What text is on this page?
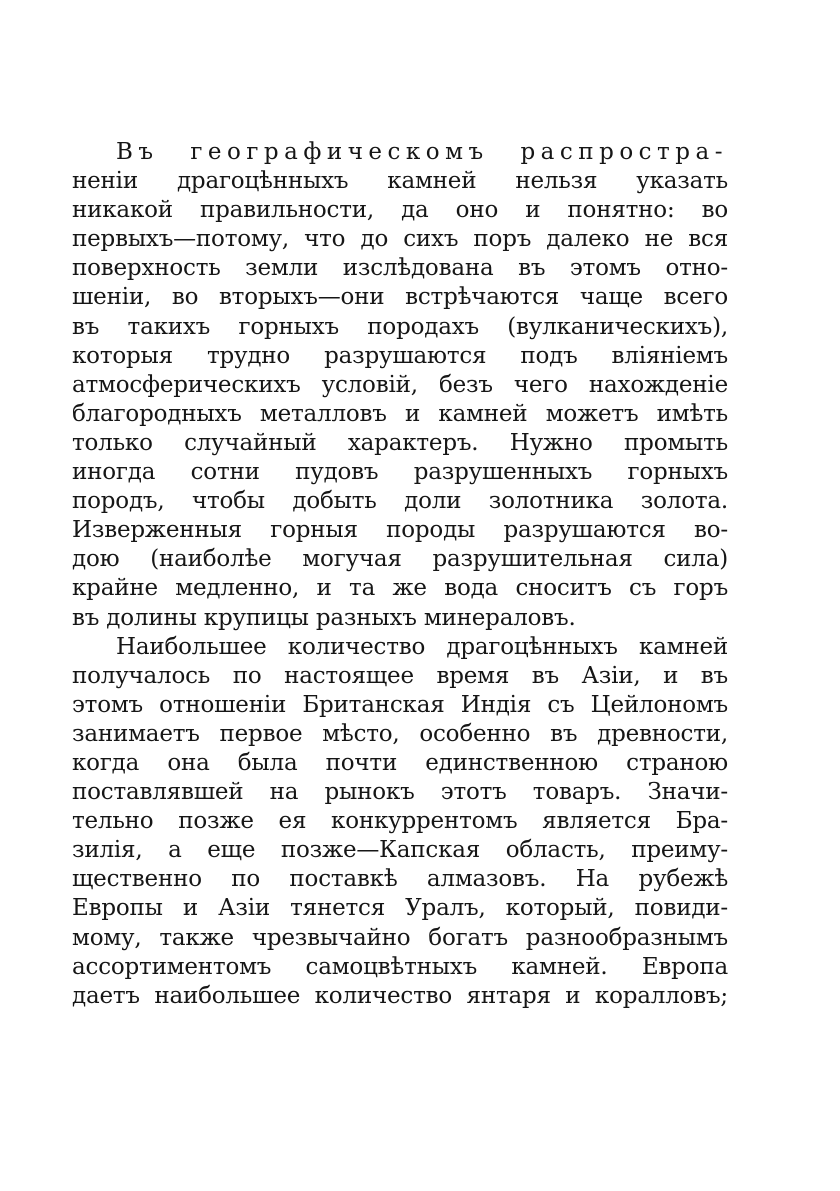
Въ географическомъ распростра-
неніи драгоцѣнныхъ камней нельзя указать
никакой правильности, да оно и понятно: во
первыхъ—потому, что до сихъ поръ далеко не вся
поверхность земли изслѣдована въ этомъ отно-
шеніи, во вторыхъ—они встрѣчаются чаще всего
въ такихъ горныхъ породахъ (вулканическихъ),
которыя трудно разрушаются подъ вліяніемъ
атмосферическихъ условій, безъ чего нахожденіе
благородныхъ металловъ и камней можетъ имѣть
только случайный характеръ. Нужно промыть
иногда сотни пудовъ разрушенныхъ горныхъ
породъ, чтобы добыть доли золотника золота.
Изверженныя горныя породы разрушаются во-
дою (наиболѣе могучая разрушительная сила)
крайне медленно, и та же вода сноситъ съ горъ
въ долины крупицы разныхъ минераловъ.
Наибольшее количество драгоцѣнныхъ камней
получалось по настоящее время въ Азіи, и въ
этомъ отношеніи Британская Индія съ Цейлономъ
занимаетъ первое мѣсто, особенно въ древности,
когда она была почти единственною страною
поставлявшей на рынокъ этотъ товаръ. Значи-
тельно позже ея конкуррентомъ является Бра-
зилія, а еще позже—Капская область, преиму-
щественно по поставкѣ алмазовъ. На рубежѣ
Европы и Азіи тянется Уралъ, который, повиди-
мому, также чрезвычайно богатъ разнообразнымъ
ассортиментомъ самоцвѣтныхъ камней. Европа
даетъ наибольшее количество янтаря и коралловъ;
